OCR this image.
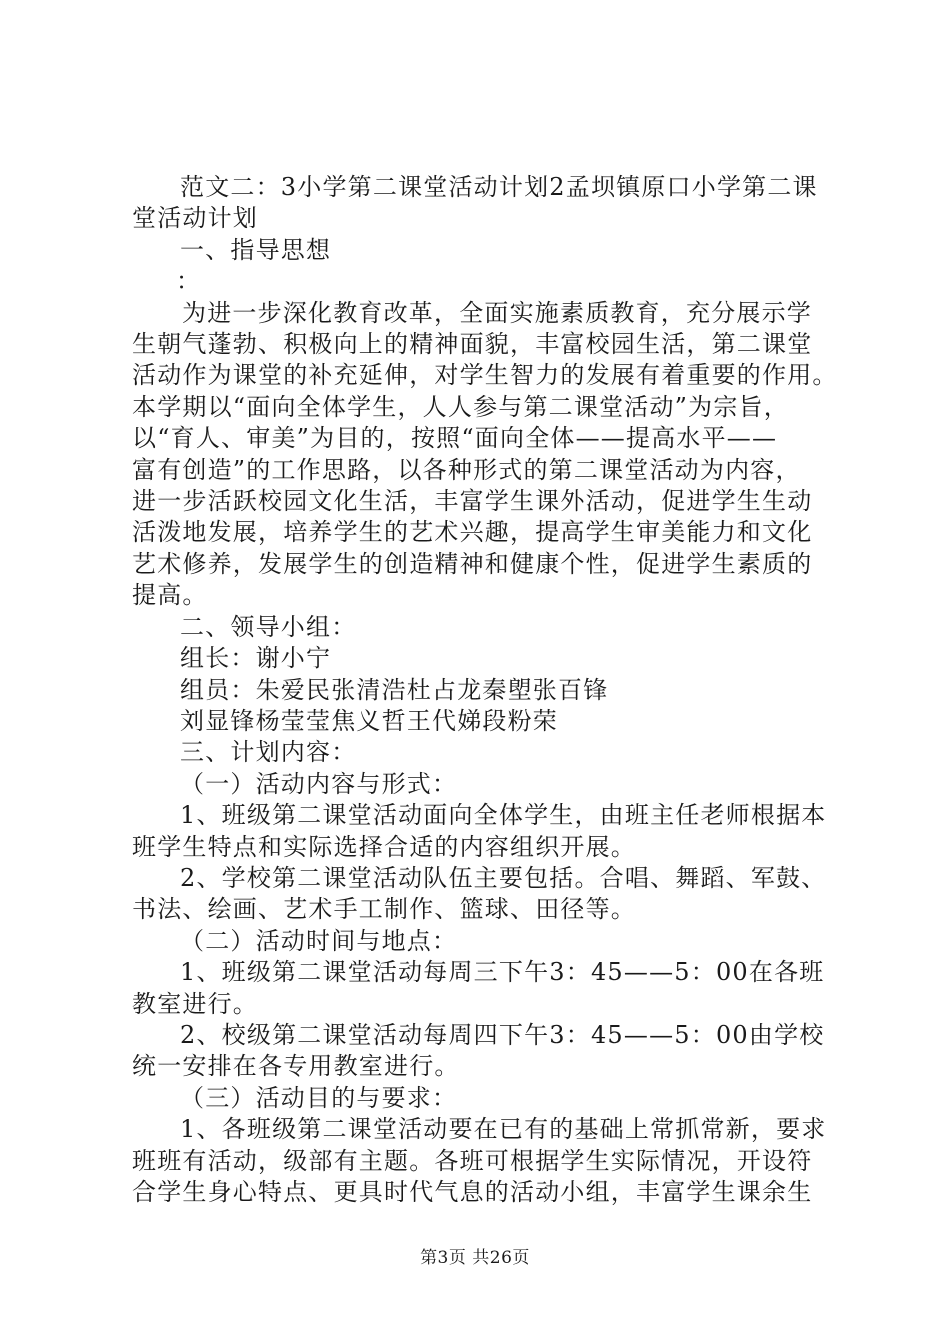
范文二：3小学第二课堂活动计划2孟坝镇原口小学第二课
堂活动计划
一、指导思想
：
为进一步深化教育改革，全面实施素质教育，充分展示学
生朝气蓬勃、积极向上的精神面貌，丰富校园生活，第二课堂
活动作为课堂的补充延伸，对学生智力的发展有着重要的作用。
本学期以“面向全体学生，人人参与第二课堂活动”为宗旨，
以“育人、审美”为目的，按照“面向全体——提高水平——
富有创造”的工作思路，以各种形式的第二课堂活动为内容，
进一步活跃校园文化生活，丰富学生课外活动，促进学生生动
活泼地发展，培养学生的艺术兴趣，提高学生审美能力和文化
艺术修养，发展学生的创造精神和健康个性，促进学生素质的
提高。
二、领导小组：
组长：谢小宁
组员：朱爱民张清浩杜占龙秦塱张百锋
刘显锋杨莹莹焦义哲王代娣段粉荣
三、计划内容：
（一）活动内容与形式：
1、班级第二课堂活动面向全体学生，由班主任老师根据本
班学生特点和实际选择合适的内容组织开展。
2、学校第二课堂活动队伍主要包括。合唱、舞蹈、军鼓、
书法、绘画、艺术手工制作、篮球、田径等。
（二）活动时间与地点：
1、班级第二课堂活动每周三下午3：45——5：00在各班
教室进行。
2、校级第二课堂活动每周四下午3：45——5：00由学校
统一安排在各专用教室进行。
（三）活动目的与要求：
1、各班级第二课堂活动要在已有的基础上常抓常新，要求
班班有活动，级部有主题。各班可根据学生实际情况，开设符
合学生身心特点、更具时代气息的活动小组，丰富学生课余生
第3页 共26页
